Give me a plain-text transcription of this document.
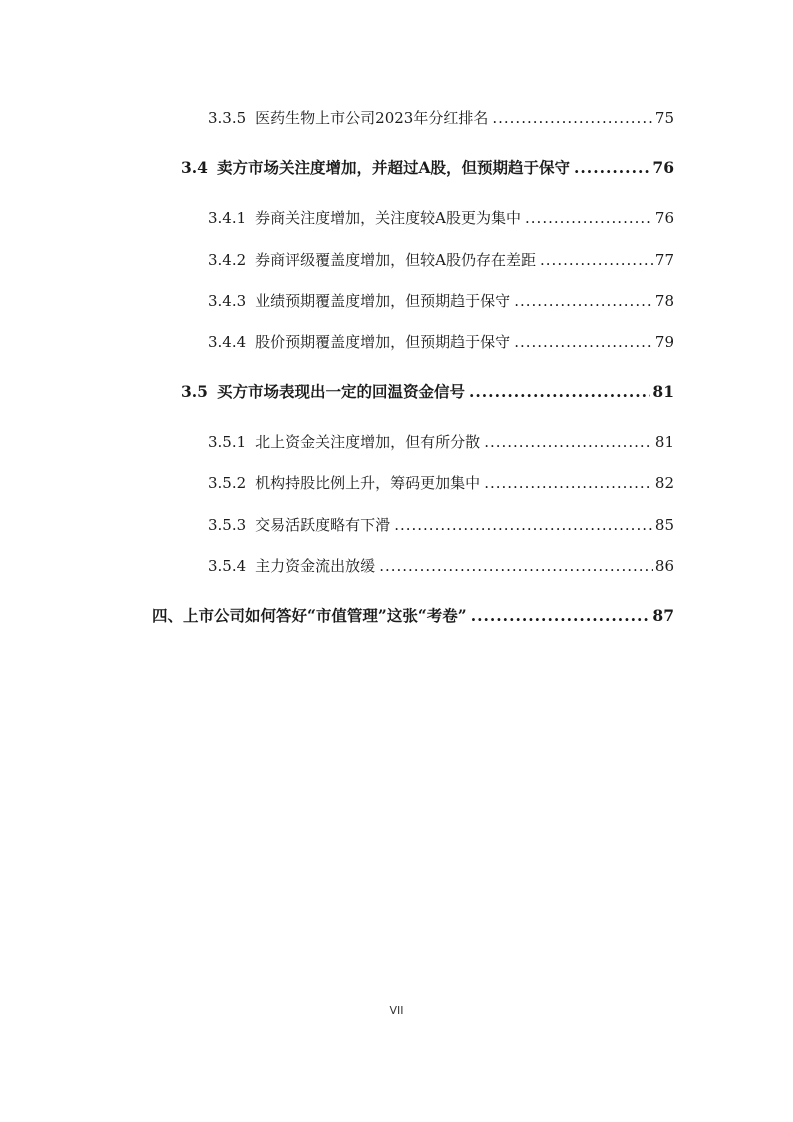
3.3.5 医药生物上市公司2023年分红排名 .....	75
3.4 卖方市场关注度增加，并超过A股，但预期趋于保守 .....	76
3.4.1 券商关注度增加，关注度较A股更为集中 .....	76
3.4.2 券商评级覆盖度增加，但较A股仍存在差距 .....	77
3.4.3 业绩预期覆盖度增加，但预期趋于保守 .....	78
3.4.4 股价预期覆盖度增加，但预期趋于保守 .....	79
3.5 买方市场表现出一定的回温资金信号 .....	81
3.5.1 北上资金关注度增加，但有所分散 .....	81
3.5.2 机构持股比例上升，筹码更加集中 .....	82
3.5.3 交易活跃度略有下滑 .....	85
3.5.4 主力资金流出放缓 .....	86
四、 上市公司如何答好“市值管理”这张“考卷” .....	87
VII
